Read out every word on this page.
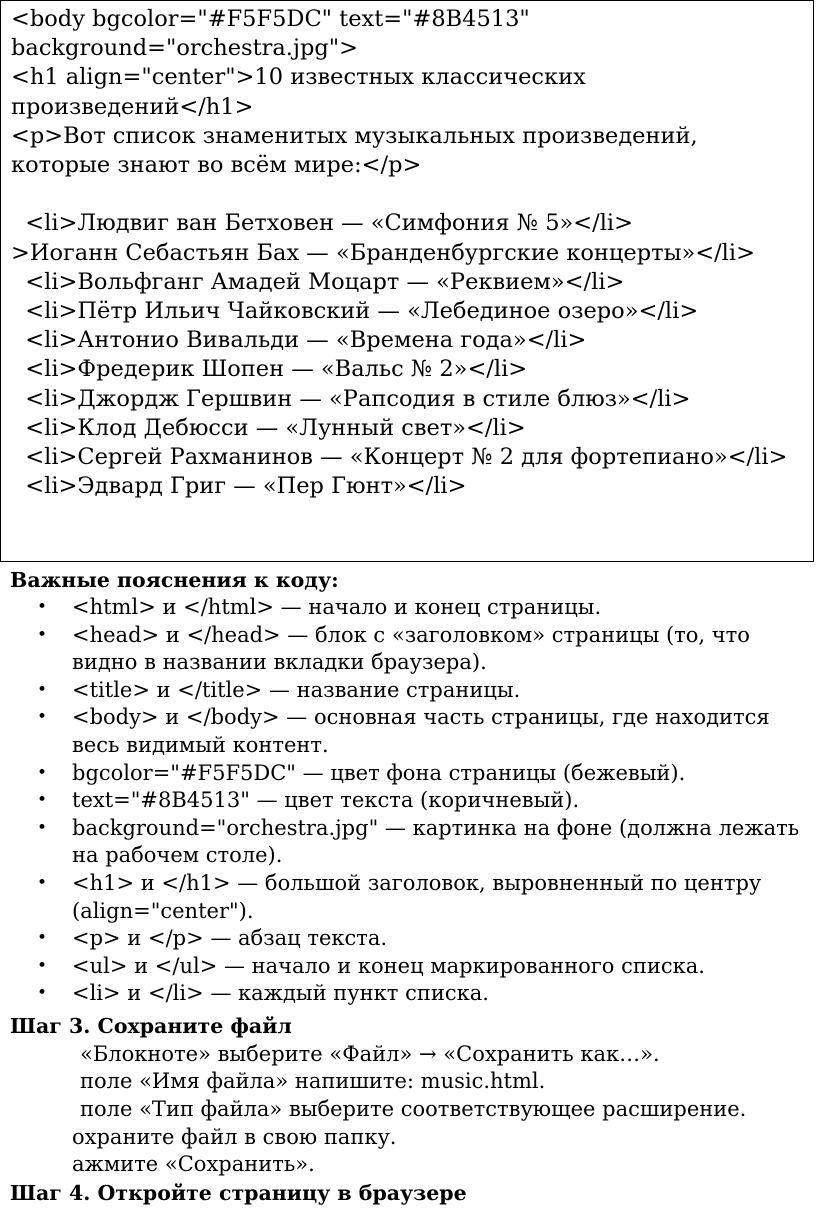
<body bgcolor="#F5F5DC" text="#8B4513"

background="orchestra.jpg">

<h1 align="center">10 известных классических

произведений</h1>

<p>Вот список знаменитых музыкальных произведений,

которые знают во всём мире:</p>

<li>Людвиг ван Бетховен — «Симфония № 5»</li>

>Иоганн Себастьян Бах — «Бранденбургские концерты»</li>

<li>Вольфганг Амадей Моцарт — «Реквием»</li>

<li>Пётр Ильич Чайковский — «Лебединое озеро»</li>

<li>Антонио Вивальди — «Времена года»</li>

<li>Фредерик Шопен — «Вальс № 2»</li>

<li>Джордж Гершвин — «Рапсодия в стиле блюз»</li>

<li>Клод Дебюсси — «Лунный свет»</li>

<li>Сергей Рахманинов — «Концерт № 2 для фортепиано»</li>

<li>Эдвард Григ — «Пер Гюнт»</li>

Важные пояснения к коду:

• <html> и </html> — начало и конец страницы.
• <head> и </head> — блок с «заголовком» страницы (то, что видно в названии вкладки браузера).
• <title> и </title> — название страницы.
• <body> и </body> — основная часть страницы, где находится весь видимый контент.
• bgcolor="#F5F5DC" — цвет фона страницы (бежевый).
• text="#8B4513" — цвет текста (коричневый).
• background="orchestra.jpg" — картинка на фоне (должна лежать на рабочем столе).
• <h1> и </h1> — большой заголовок, выровненный по центру (align="center").
• <p> и </p> — абзац текста.
• <ul> и </ul> — начало и конец маркированного списка.
• <li> и </li> — каждый пункт списка.

Шаг 3. Сохраните файл

«Блокноте» выберите «Файл» → «Сохранить как…».

поле «Имя файла» напишите: music.html.

поле «Тип файла» выберите соответствующее расширение.

охраните файл в свою папку.

ажмите «Сохранить».

Шаг 4. Откройте страницу в браузере
